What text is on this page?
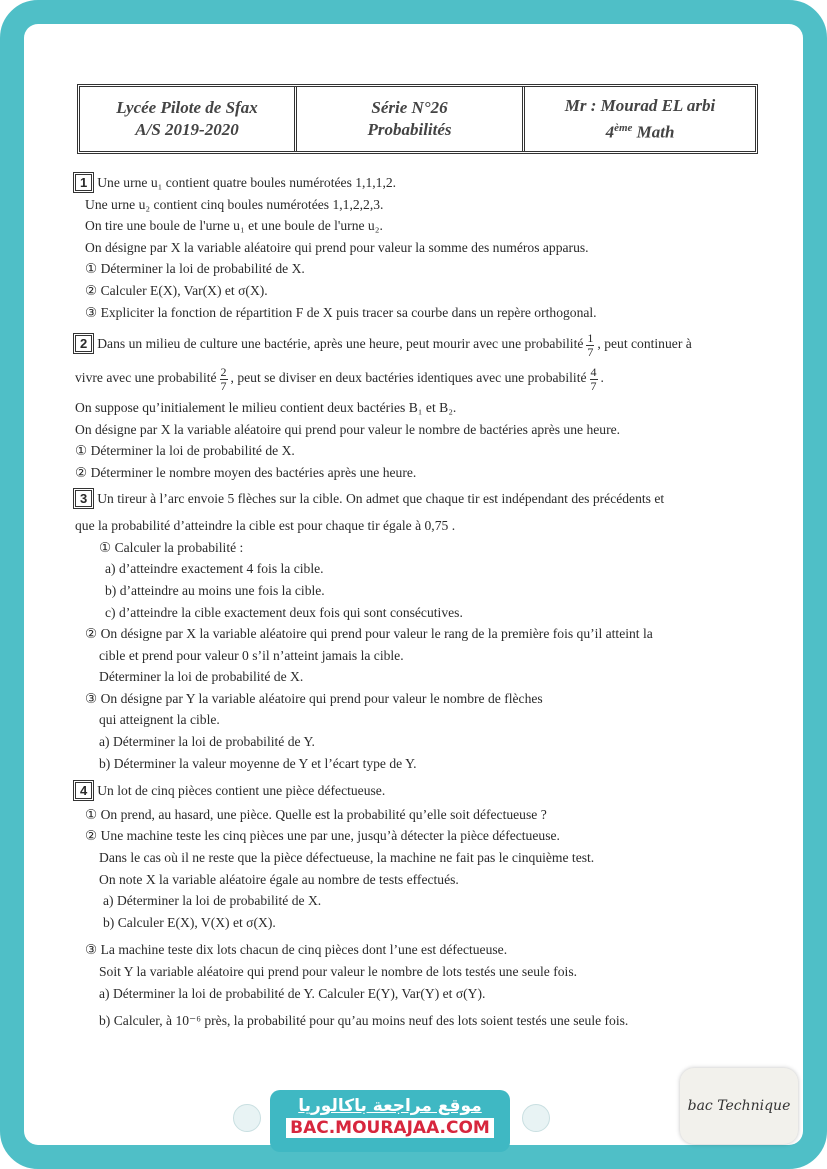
Lycée Pilote de Sfax
A/S 2019-2020
Série N°26
Probabilités
Mr : Mourad EL arbi
4ème Math
1 Une urne u₁ contient quatre boules numérotées 1,1,1,2.
Une urne u₂ contient cinq boules numérotées 1,1,2,2,3.
On tire une boule de l'urne u₁ et une boule de l'urne u₂.
On désigne par X la variable aléatoire qui prend pour valeur la somme des numéros apparus.
① Déterminer la loi de probabilité de X.
② Calculer E(X), Var(X) et σ(X).
③ Expliciter la fonction de répartition F de X puis tracer sa courbe dans un repère orthogonal.
2 Dans un milieu de culture une bactérie, après une heure, peut mourir avec une probabilité $\frac{1}{7}$ , peut continuer à
vivre avec une probabilité $\frac{2}{7}$ , peut se diviser en deux bactéries identiques avec une probabilité $\frac{4}{7}$ .
On suppose qu’initialement le milieu contient deux bactéries B₁ et B₂.
On désigne par X la variable aléatoire qui prend pour valeur le nombre de bactéries après une heure.
① Déterminer la loi de probabilité de X.
② Déterminer le nombre moyen des bactéries après une heure.
3 Un tireur à l’arc envoie 5 flèches sur la cible. On admet que chaque tir est indépendant des précédents et
que la probabilité d’atteindre la cible est pour chaque tir égale à 0,75 .
① Calculer la probabilité :
a) d’atteindre exactement 4 fois la cible.
b) d’atteindre au moins une fois la cible.
c) d’atteindre la cible exactement deux fois qui sont consécutives.
② On désigne par X la variable aléatoire qui prend pour valeur le rang de la première fois qu’il atteint la
cible et prend pour valeur 0 s’il n’atteint jamais la cible.
Déterminer la loi de probabilité de X.
③ On désigne par Y la variable aléatoire qui prend pour valeur le nombre de flèches
qui atteignent la cible.
a) Déterminer la loi de probabilité de Y.
b) Déterminer la valeur moyenne de Y et l’écart type de Y.
4 Un lot de cinq pièces contient une pièce défectueuse.
① On prend, au hasard, une pièce. Quelle est la probabilité qu’elle soit défectueuse ?
② Une machine teste les cinq pièces une par une, jusqu’à détecter la pièce défectueuse.
Dans le cas où il ne reste que la pièce défectueuse, la machine ne fait pas le cinquième test.
On note X la variable aléatoire égale au nombre de tests effectués.
a) Déterminer la loi de probabilité de X.
b) Calculer E(X), V(X) et σ(X).
③ La machine teste dix lots chacun de cinq pièces dont l’une est défectueuse.
Soit Y la variable aléatoire qui prend pour valeur le nombre de lots testés une seule fois.
a) Déterminer la loi de probabilité de Y. Calculer E(Y), Var(Y) et σ(Y).
b) Calculer, à 10⁻⁶ près, la probabilité pour qu’au moins neuf des lots soient testés une seule fois.
موقع مراجعة باكالوريا
BAC.MOURAJAA.COM
bac Technique
